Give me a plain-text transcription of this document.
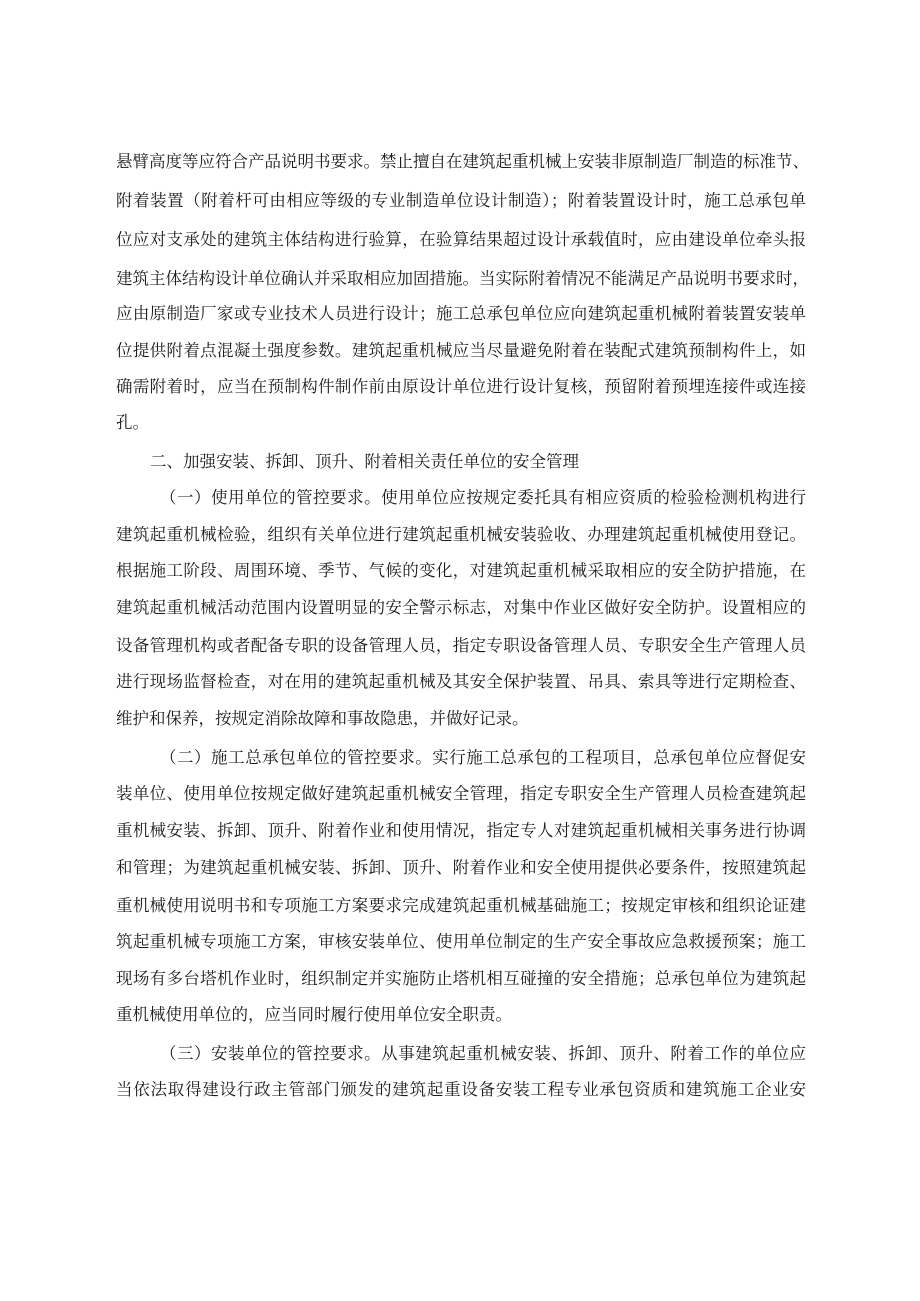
悬臂高度等应符合产品说明书要求。禁止擅自在建筑起重机械上安装非原制造厂制造的标准节、
附着装置（附着杆可由相应等级的专业制造单位设计制造）；附着装置设计时，施工总承包单
位应对支承处的建筑主体结构进行验算，在验算结果超过设计承载值时，应由建设单位牵头报
建筑主体结构设计单位确认并采取相应加固措施。当实际附着情况不能满足产品说明书要求时，
应由原制造厂家或专业技术人员进行设计；施工总承包单位应向建筑起重机械附着装置安装单
位提供附着点混凝土强度参数。建筑起重机械应当尽量避免附着在装配式建筑预制构件上，如
确需附着时，应当在预制构件制作前由原设计单位进行设计复核，预留附着预埋连接件或连接
孔。
二、加强安装、拆卸、顶升、附着相关责任单位的安全管理
（一）使用单位的管控要求。使用单位应按规定委托具有相应资质的检验检测机构进行
建筑起重机械检验，组织有关单位进行建筑起重机械安装验收、办理建筑起重机械使用登记。
根据施工阶段、周围环境、季节、气候的变化，对建筑起重机械采取相应的安全防护措施，在
建筑起重机械活动范围内设置明显的安全警示标志，对集中作业区做好安全防护。设置相应的
设备管理机构或者配备专职的设备管理人员，指定专职设备管理人员、专职安全生产管理人员
进行现场监督检查，对在用的建筑起重机械及其安全保护装置、吊具、索具等进行定期检查、
维护和保养，按规定消除故障和事故隐患，并做好记录。
（二）施工总承包单位的管控要求。实行施工总承包的工程项目，总承包单位应督促安
装单位、使用单位按规定做好建筑起重机械安全管理，指定专职安全生产管理人员检查建筑起
重机械安装、拆卸、顶升、附着作业和使用情况，指定专人对建筑起重机械相关事务进行协调
和管理；为建筑起重机械安装、拆卸、顶升、附着作业和安全使用提供必要条件，按照建筑起
重机械使用说明书和专项施工方案要求完成建筑起重机械基础施工；按规定审核和组织论证建
筑起重机械专项施工方案，审核安装单位、使用单位制定的生产安全事故应急救援预案；施工
现场有多台塔机作业时，组织制定并实施防止塔机相互碰撞的安全措施；总承包单位为建筑起
重机械使用单位的，应当同时履行使用单位安全职责。
（三）安装单位的管控要求。从事建筑起重机械安装、拆卸、顶升、附着工作的单位应
当依法取得建设行政主管部门颁发的建筑起重设备安装工程专业承包资质和建筑施工企业安
